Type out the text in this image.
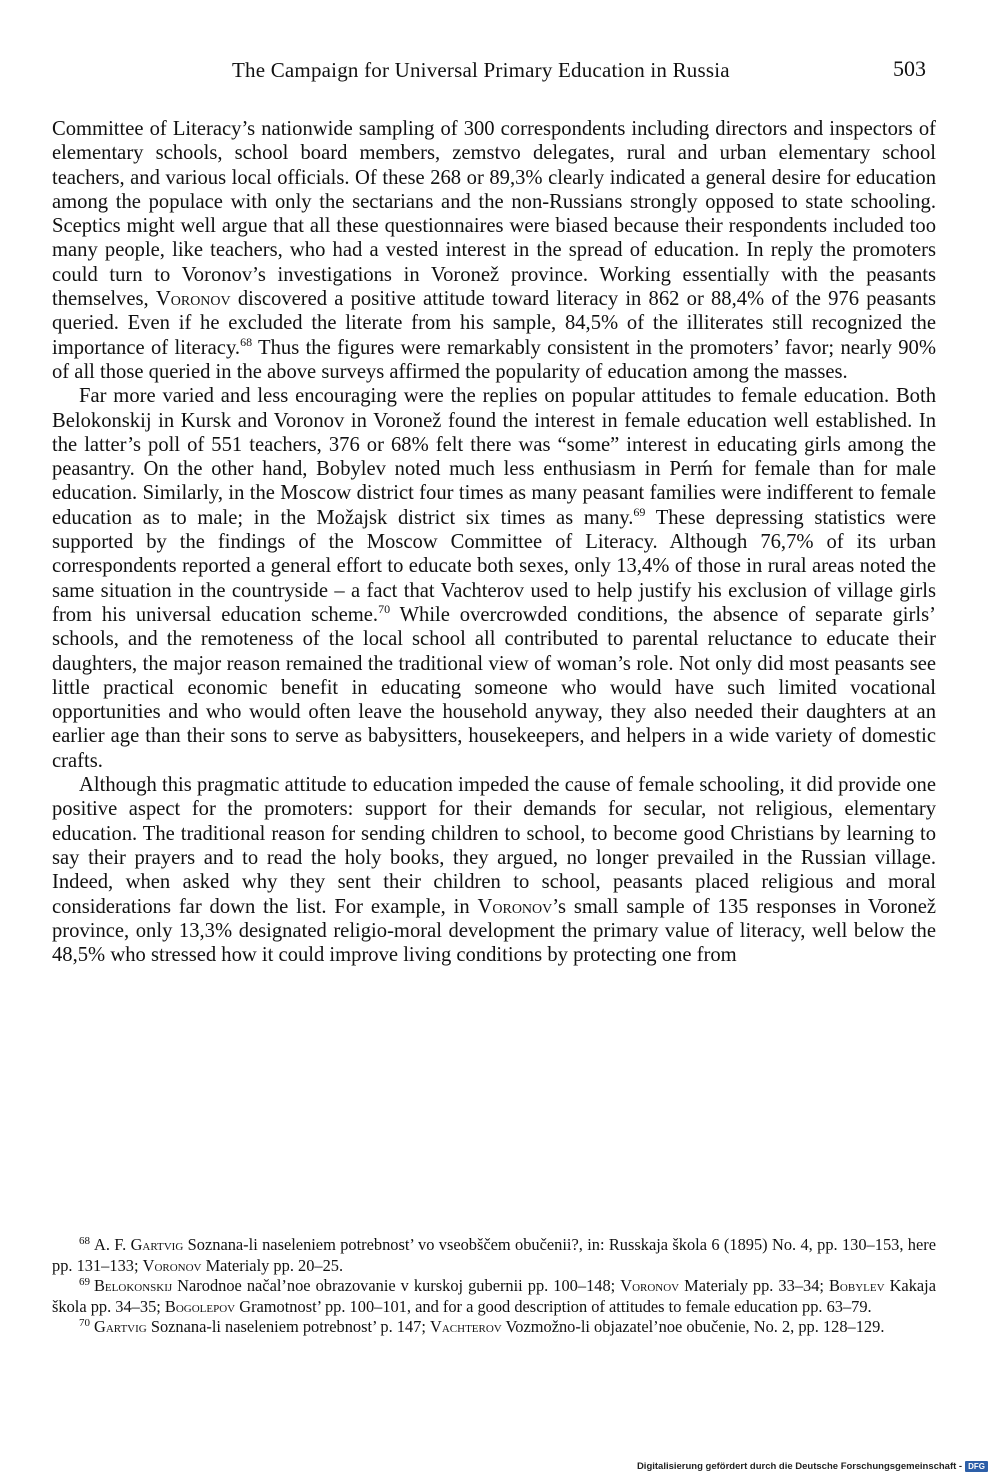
The Campaign for Universal Primary Education in Russia	503

Committee of Literacy’s nationwide sampling of 300 correspondents including directors and inspectors of elementary schools, school board members, zemstvo delegates, rural and urban elementary school teachers, and various local officials. Of these 268 or 89,3% clearly indicated a general desire for education among the populace with only the sectarians and the non-Russians strongly opposed to state schooling. Sceptics might well argue that all these questionnaires were biased because their respondents included too many people, like teachers, who had a vested interest in the spread of education. In reply the promoters could turn to Voronov’s investigations in Voronež province. Working essentially with the peasants themselves, Voronov discovered a positive attitude toward literacy in 862 or 88,4% of the 976 peasants queried. Even if he excluded the literate from his sample, 84,5% of the illiterates still recognized the importance of literacy.$^{68}$ Thus the figures were remarkably consistent in the promoters’ favor; nearly 90% of all those queried in the above surveys affirmed the popularity of education among the masses.

Far more varied and less encouraging were the replies on popular attitudes to female education. Both Belokonskij in Kursk and Voronov in Voronež found the interest in female education well established. In the latter’s poll of 551 teachers, 376 or 68% felt there was “some” interest in educating girls among the peasantry. On the other hand, Bobylev noted much less enthusiasm in Perḿ for female than for male education. Similarly, in the Moscow district four times as many peasant families were indifferent to female education as to male; in the Možajsk district six times as many.$^{69}$ These depressing statistics were supported by the findings of the Moscow Committee of Literacy. Although 76,7% of its urban correspondents reported a general effort to educate both sexes, only 13,4% of those in rural areas noted the same situation in the countryside – a fact that Vachterov used to help justify his exclusion of village girls from his universal education scheme.$^{70}$ While overcrowded conditions, the absence of separate girls’ schools, and the remoteness of the local school all contributed to parental reluctance to educate their daughters, the major reason remained the traditional view of woman’s role. Not only did most peasants see little practical economic benefit in educating someone who would have such limited vocational opportunities and who would often leave the household anyway, they also needed their daughters at an earlier age than their sons to serve as babysitters, housekeepers, and helpers in a wide variety of domestic crafts.

Although this pragmatic attitude to education impeded the cause of female schooling, it did provide one positive aspect for the promoters: support for their demands for secular, not religious, elementary education. The traditional reason for sending children to school, to become good Christians by learning to say their prayers and to read the holy books, they argued, no longer prevailed in the Russian village. Indeed, when asked why they sent their children to school, peasants placed religious and moral considerations far down the list. For example, in Voronov’s small sample of 135 responses in Voronež province, only 13,3% designated religio-moral development the primary value of literacy, well below the 48,5% who stressed how it could improve living conditions by protecting one from

$^{68}$ A. F. Gartvig Soznana-li naseleniem potrebnost’ vo vseobščem obučenii?, in: Russkaja škola 6 (1895) No. 4, pp. 130–153, here pp. 131–133; Voronov Materialy pp. 20–25.

$^{69}$ Belokonskij Narodnoe načal’noe obrazovanie v kurskoj gubernii pp. 100–148; Voronov Materialy pp. 33–34; Bobylev Kakaja škola pp. 34–35; Bogolepov Gramotnost’ pp. 100–101, and for a good description of attitudes to female education pp. 63–79.

$^{70}$ Gartvig Soznana-li naseleniem potrebnost’ p. 147; Vachterov Vozmožno-li objazatel’noe obučenie, No. 2, pp. 128–129.

Digitalisierung gefördert durch die Deutsche Forschungsgemeinschaft - DFG
